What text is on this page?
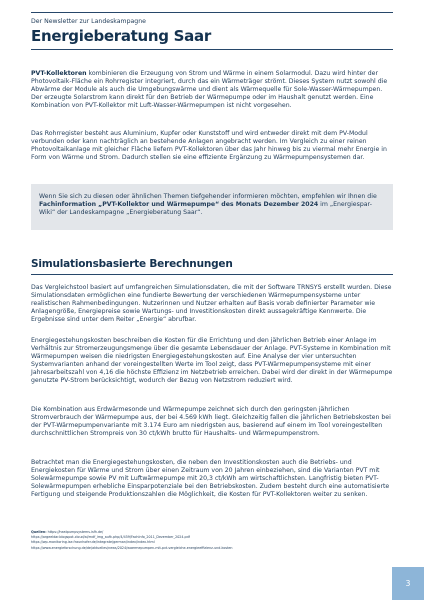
Der Newsletter zur Landeskampagne
Energieberatung Saar

PVT-Kollektoren kombinieren die Erzeugung von Strom und Wärme in einem Solarmodul. Dazu wird hinter der Photovoltaik-Fläche ein Rohrregister integriert, durch das ein Wärmeträger strömt. Dieses System nutzt sowohl die Abwärme der Module als auch die Umgebungswärme und dient als Wärmequelle für Sole-Wasser-Wärmepumpen. Der erzeugte Solarstrom kann direkt für den Betrieb der Wärmepumpe oder im Haushalt genutzt werden. Eine Kombination von PVT-Kollektor mit Luft-Wasser-Wärmepumpen ist nicht vorgesehen.

Das Rohrregister besteht aus Aluminium, Kupfer oder Kunststoff und wird entweder direkt mit dem PV-Modul verbunden oder kann nachträglich an bestehende Anlagen angebracht werden. Im Vergleich zu einer reinen Photovoltaikanlage mit gleicher Fläche liefern PVT-Kollektoren über das Jahr hinweg bis zu viermal mehr Energie in Form von Wärme und Strom. Dadurch stellen sie eine effiziente Ergänzung zu Wärmepumpensystemen dar.

Wenn Sie sich zu diesen oder ähnlichen Themen tiefgehender informieren möchten, empfehlen wir Ihnen die Fachinformation „PVT-Kollektor und Wärmepumpe“ des Monats Dezember 2024 im „Energiespar-Wiki“ der Landeskampagne „Energieberatung Saar“.

Simulationsbasierte Berechnungen

Das Vergleichstool basiert auf umfangreichen Simulationsdaten, die mit der Software TRNSYS erstellt wurden. Diese Simulationsdaten ermöglichen eine fundierte Bewertung der verschiedenen Wärmepumpensysteme unter realistischen Rahmenbedingungen. Nutzerinnen und Nutzer erhalten auf Basis vorab definierter Parameter wie Anlagengröße, Energiepreise sowie Wartungs- und Investitionskosten direkt aussagekräftige Kennwerte. Die Ergebnisse sind unter dem Reiter „Energie“ abrufbar.

Energiegestehungskosten beschreiben die Kosten für die Errichtung und den jährlichen Betrieb einer Anlage im Verhältnis zur Stromerzeugungsmenge über die gesamte Lebensdauer der Anlage. PVT-Systeme in Kombination mit Wärmepumpen weisen die niedrigsten Energiegestehungskosten auf. Eine Analyse der vier untersuchten Systemvarianten anhand der voreingestellten Werte im Tool zeigt, dass PVT-Wärmepumpensysteme mit einer Jahresarbeitszahl von 4,16 die höchste Effizienz im Netzbetrieb erreichen. Dabei wird der direkt in der Wärmepumpe genutzte PV-Strom berücksichtigt, wodurch der Bezug von Netzstrom reduziert wird.

Die Kombination aus Erdwärmesonde und Wärmepumpe zeichnet sich durch den geringsten jährlichen Stromverbrauch der Wärmepumpe aus, der bei 4.569 kWh liegt. Gleichzeitig fallen die jährlichen Betriebskosten bei der PVT-Wärmepumpenvariante mit 3.174 Euro am niedrigsten aus, basierend auf einem im Tool voreingestellten durchschnittlichen Strompreis von 30 ct/kWh brutto für Haushalts- und Wärmepumpenstrom.

Betrachtet man die Energiegestehungskosten, die neben den Investitionskosten auch die Betriebs- und Energiekosten für Wärme und Strom über einen Zeitraum von 20 Jahren einbeziehen, sind die Varianten PVT mit Solewärmepumpe sowie PV mit Luftwärmepumpe mit 20,3 ct/kWh am wirtschaftlichsten. Langfristig bieten PVT-Solewärmepumpen erhebliche Einsparpotenziale bei den Betriebskosten. Zudem besteht durch eine automatisierte Fertigung und steigende Produktionszahlen die Möglichkeit, die Kosten für PVT-Kollektoren weiter zu senken.

Quellen: https://heatpumpsystems.isfh.de/
https://argeeldar.blogspot.cloud/ai/mdf_img_aufk.php/4/459/FachInfo_2011_Dezember_2024.pdf
https://wp-monitoring.ise.fraunhofer.de/integrate/german/index/index.html
https://www.energieforschung.de/de/aktuelles/news/2024/waermepumpen-mit-pvt-vergleiche-energieeffizienz-und-kosten
3
